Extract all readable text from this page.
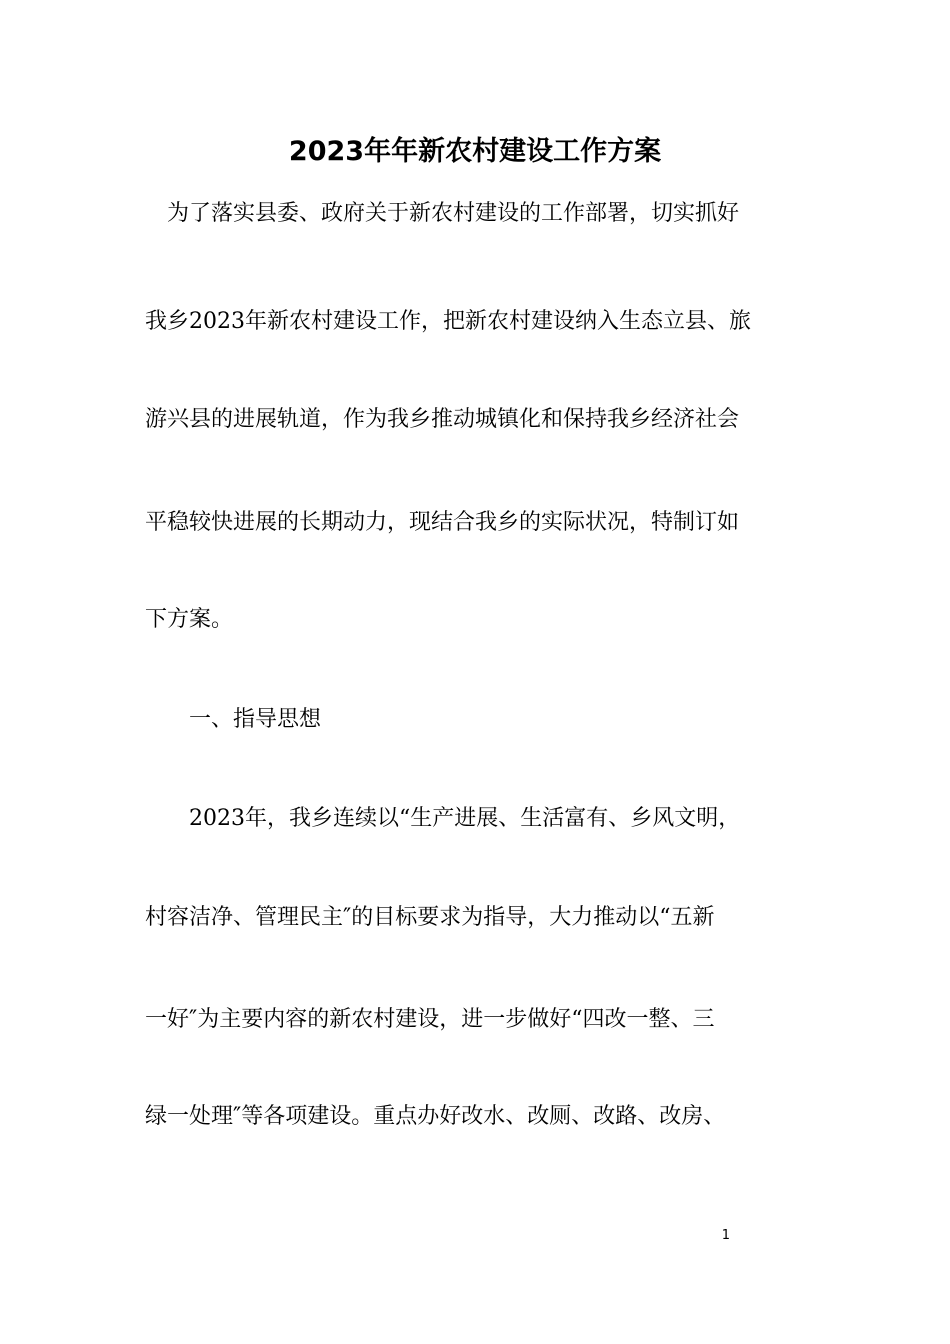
2023年年新农村建设工作方案
　为了落实县委、政府关于新农村建设的工作部署，切实抓好
我乡2023年新农村建设工作，把新农村建设纳入生态立县、旅
游兴县的进展轨道，作为我乡推动城镇化和保持我乡经济社会
平稳较快进展的长期动力，现结合我乡的实际状况，特制订如
下方案。
　　一、指导思想
　　2023年，我乡连续以“生产进展、生活富有、乡风文明，
村容洁净、管理民主″的目标要求为指导，大力推动以“五新
一好″为主要内容的新农村建设，进一步做好“四改一整、三
绿一处理″等各项建设。重点办好改水、改厕、改路、改房、
1
